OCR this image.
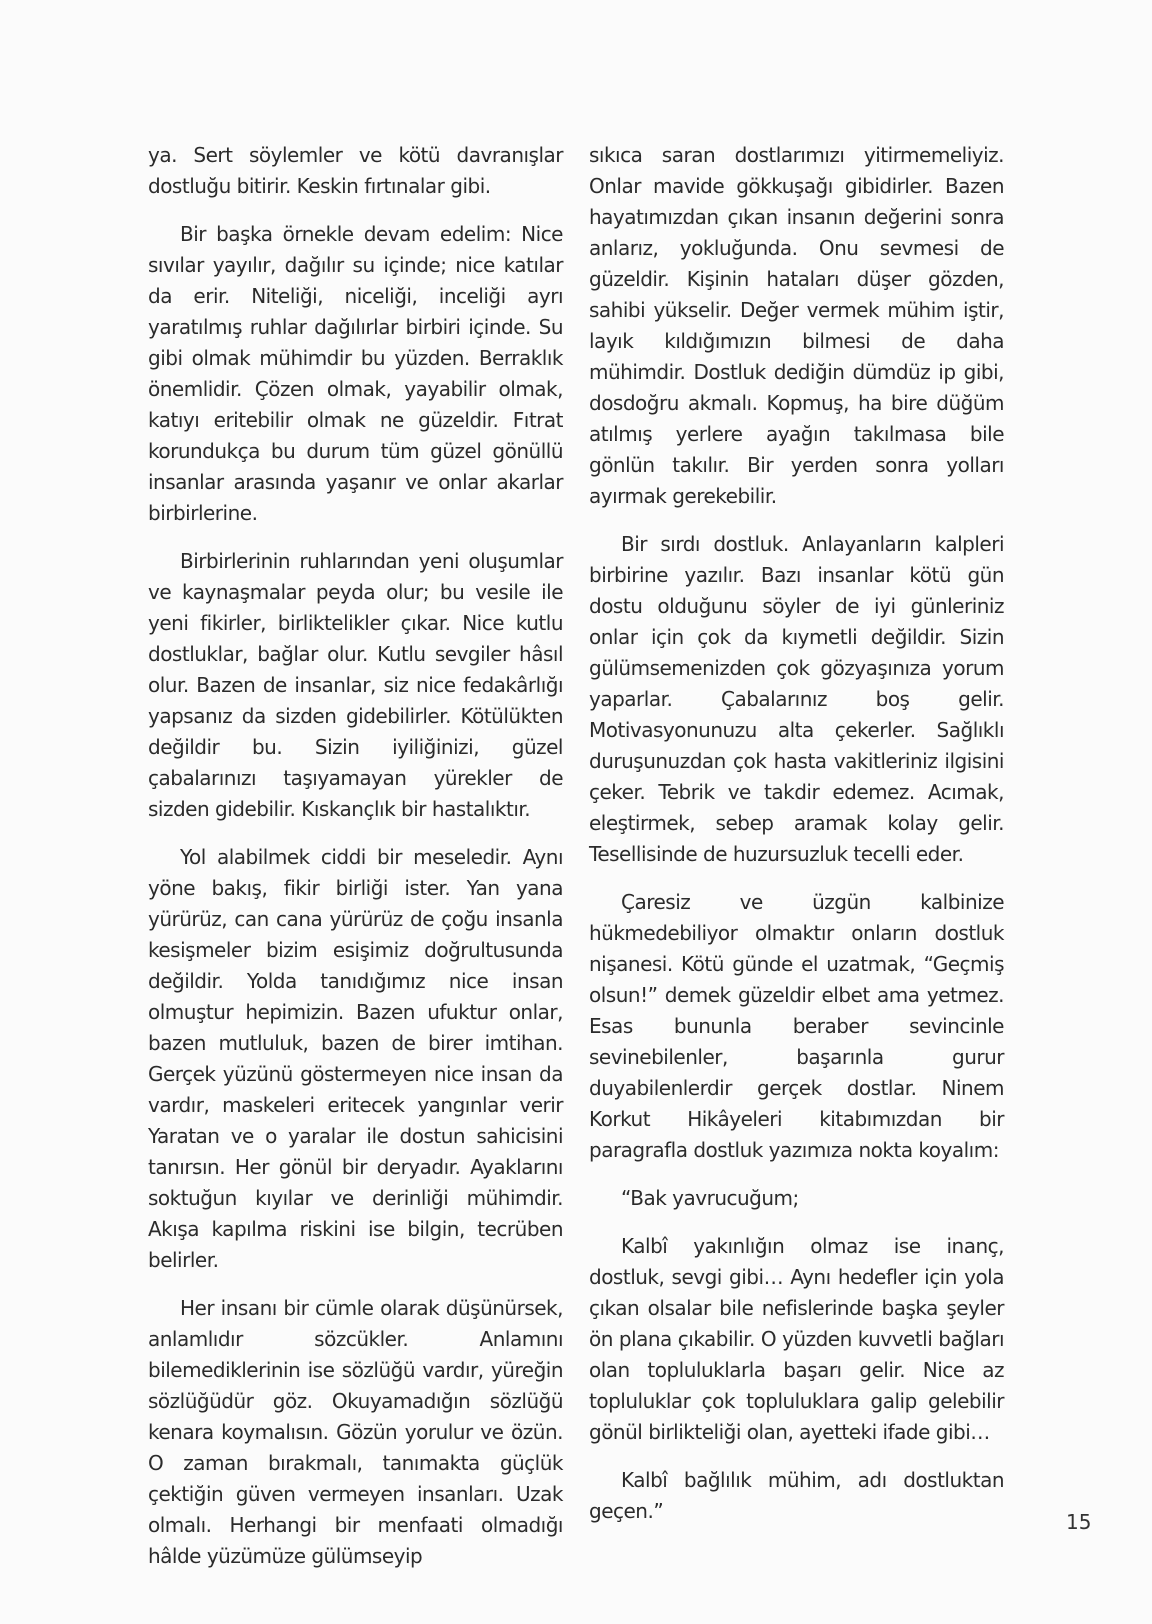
ya. Sert söylemler ve kötü davranışlar dostluğu bitirir. Keskin fırtınalar gibi.

Bir başka örnekle devam edelim: Nice sıvılar yayılır, dağılır su içinde; nice katılar da erir. Niteliği, niceliği, inceliği ayrı yaratılmış ruhlar dağılırlar birbiri içinde. Su gibi olmak mühimdir bu yüzden. Berraklık önemlidir. Çözen olmak, yayabilir olmak, katıyı eritebilir olmak ne güzeldir. Fıtrat korundukça bu durum tüm güzel gönüllü insanlar arasında yaşanır ve onlar akarlar birbirlerine.

Birbirlerinin ruhlarından yeni oluşumlar ve kaynaşmalar peyda olur; bu vesile ile yeni fikirler, birliktelikler çıkar. Nice kutlu dostluklar, bağlar olur. Kutlu sevgiler hâsıl olur. Bazen de insanlar, siz nice fedakârlığı yapsanız da sizden gidebilirler. Kötülükten değildir bu. Sizin iyiliğinizi, güzel çabalarınızı taşıyamayan yürekler de sizden gidebilir. Kıskançlık bir hastalıktır.

Yol alabilmek ciddi bir meseledir. Aynı yöne bakış, fikir birliği ister. Yan yana yürürüz, can cana yürürüz de çoğu insanla kesişmeler bizim esişimiz doğrultusunda değildir. Yolda tanıdığımız nice insan olmuştur hepimizin. Bazen ufuktur onlar, bazen mutluluk, bazen de birer imtihan. Gerçek yüzünü göstermeyen nice insan da vardır, maskeleri eritecek yangınlar verir Yaratan ve o yaralar ile dostun sahicisini tanırsın. Her gönül bir deryadır. Ayaklarını soktuğun kıyılar ve derinliği mühimdir. Akışa kapılma riskini ise bilgin, tecrüben belirler.

Her insanı bir cümle olarak düşünürsek, anlamlıdır sözcükler. Anlamını bilemediklerinin ise sözlüğü vardır, yüreğin sözlüğüdür göz. Okuyamadığın sözlüğü kenara koymalısın. Gözün yorulur ve özün. O zaman bırakmalı, tanımakta güçlük çektiğin güven vermeyen insanları. Uzak olmalı. Herhangi bir menfaati olmadığı hâlde yüzümüze gülümseyip

sıkıca saran dostlarımızı yitirmemeliyiz. Onlar mavide gökkuşağı gibidirler. Bazen hayatımızdan çıkan insanın değerini sonra anlarız, yokluğunda. Onu sevmesi de güzeldir. Kişinin hataları düşer gözden, sahibi yükselir. Değer vermek mühim iştir, layık kıldığımızın bilmesi de daha mühimdir. Dostluk dediğin dümdüz ip gibi, dosdoğru akmalı. Kopmuş, ha bire düğüm atılmış yerlere ayağın takılmasa bile gönlün takılır. Bir yerden sonra yolları ayırmak gerekebilir.

Bir sırdı dostluk. Anlayanların kalpleri birbirine yazılır. Bazı insanlar kötü gün dostu olduğunu söyler de iyi günleriniz onlar için çok da kıymetli değildir. Sizin gülümsemenizden çok gözyaşınıza yorum yaparlar. Çabalarınız boş gelir. Motivasyonunuzu alta çekerler. Sağlıklı duruşunuzdan çok hasta vakitleriniz ilgisini çeker. Tebrik ve takdir edemez. Acımak, eleştirmek, sebep aramak kolay gelir. Tesellisinde de huzursuzluk tecelli eder.

Çaresiz ve üzgün kalbinize hükmedebiliyor olmaktır onların dostluk nişanesi. Kötü günde el uzatmak, “Geçmiş olsun!” demek güzeldir elbet ama yetmez. Esas bununla beraber sevincinle sevinebilenler, başarınla gurur duyabilenlerdir gerçek dostlar. Ninem Korkut Hikâyeleri kitabımızdan bir paragrafla dostluk yazımıza nokta koyalım:

“Bak yavrucuğum;

Kalbî yakınlığın olmaz ise inanç, dostluk, sevgi gibi… Aynı hedefler için yola çıkan olsalar bile nefislerinde başka şeyler ön plana çıkabilir. O yüzden kuvvetli bağları olan topluluklarla başarı gelir. Nice az topluluklar çok topluluklara galip gelebilir gönül birlikteliği olan, ayetteki ifade gibi…

Kalbî bağlılık mühim, adı dostluktan geçen.”	15
